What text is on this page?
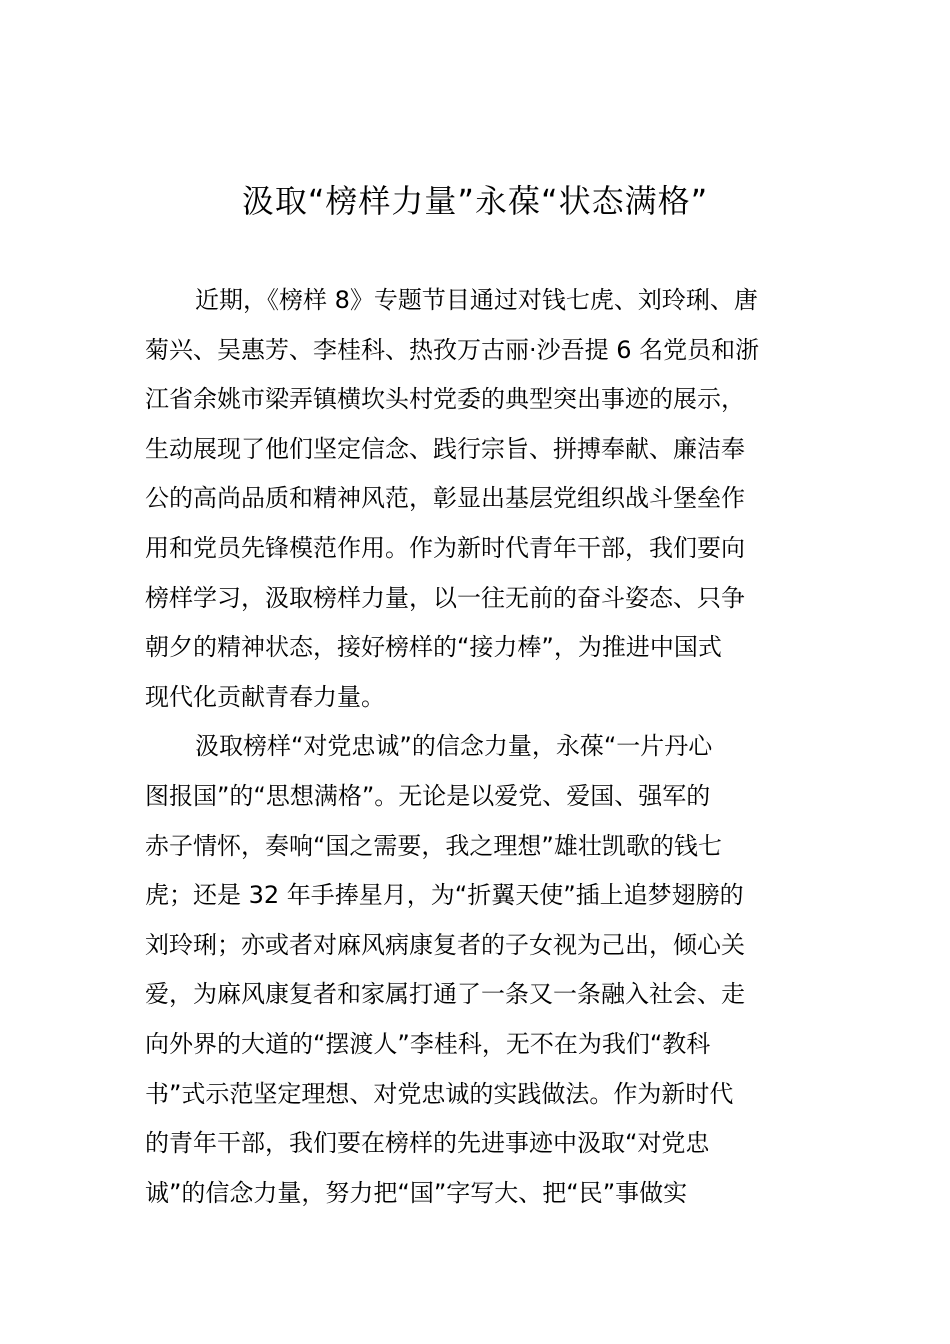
汲取“榜样力量”永葆“状态满格”
近期，《榜样 8》专题节目通过对钱七虎、刘玲琍、唐
菊兴、吴惠芳、李桂科、热孜万古丽·沙吾提 6 名党员和浙
江省余姚市梁弄镇横坎头村党委的典型突出事迹的展示，
生动展现了他们坚定信念、践行宗旨、拼搏奉献、廉洁奉
公的高尚品质和精神风范，彰显出基层党组织战斗堡垒作
用和党员先锋模范作用。作为新时代青年干部，我们要向
榜样学习，汲取榜样力量，以一往无前的奋斗姿态、只争
朝夕的精神状态，接好榜样的“接力棒”，为推进中国式
现代化贡献青春力量。
汲取榜样“对党忠诚”的信念力量，永葆“一片丹心
图报国”的“思想满格”。无论是以爱党、爱国、强军的
赤子情怀，奏响“国之需要，我之理想”雄壮凯歌的钱七
虎；还是 32 年手捧星月，为“折翼天使”插上追梦翅膀的
刘玲琍；亦或者对麻风病康复者的子女视为己出，倾心关
爱，为麻风康复者和家属打通了一条又一条融入社会、走
向外界的大道的“摆渡人”李桂科，无不在为我们“教科
书”式示范坚定理想、对党忠诚的实践做法。作为新时代
的青年干部，我们要在榜样的先进事迹中汲取“对党忠
诚”的信念力量，努力把“国”字写大、把“民”事做实
